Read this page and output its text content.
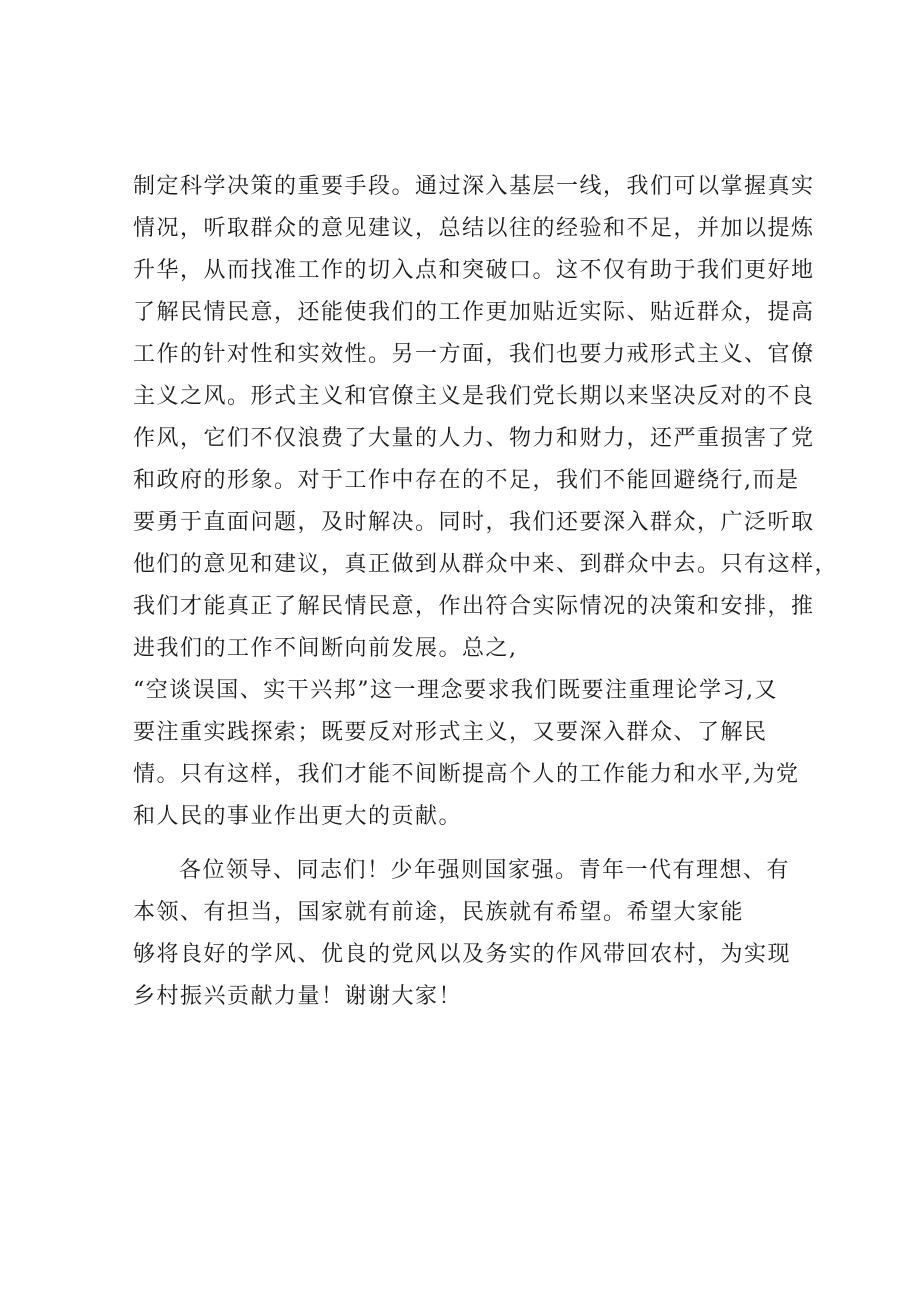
制定科学决策的重要手段。通过深入基层一线，我们可以掌握真实
情况，听取群众的意见建议，总结以往的经验和不足，并加以提炼
升华，从而找准工作的切入点和突破口。这不仅有助于我们更好地
了解民情民意，还能使我们的工作更加贴近实际、贴近群众，提高
工作的针对性和实效性。另一方面，我们也要力戒形式主义、官僚
主义之风。形式主义和官僚主义是我们党长期以来坚决反对的不良
作风，它们不仅浪费了大量的人力、物力和财力，还严重损害了党
和政府的形象。对于工作中存在的不足，我们不能回避绕行,而是
要勇于直面问题，及时解决。同时，我们还要深入群众，广泛听取
他们的意见和建议，真正做到从群众中来、到群众中去。只有这样，
我们才能真正了解民情民意，作出符合实际情况的决策和安排，推
进我们的工作不间断向前发展。总之,
“空谈误国、实干兴邦”这一理念要求我们既要注重理论学习,又
要注重实践探索；既要反对形式主义，又要深入群众、了解民
情。只有这样，我们才能不间断提高个人的工作能力和水平,为党
和人民的事业作出更大的贡献。
各位领导、同志们！少年强则国家强。青年一代有理想、有
本领、有担当，国家就有前途，民族就有希望。希望大家能
够将良好的学风、优良的党风以及务实的作风带回农村，为实现
乡村振兴贡献力量！谢谢大家！
